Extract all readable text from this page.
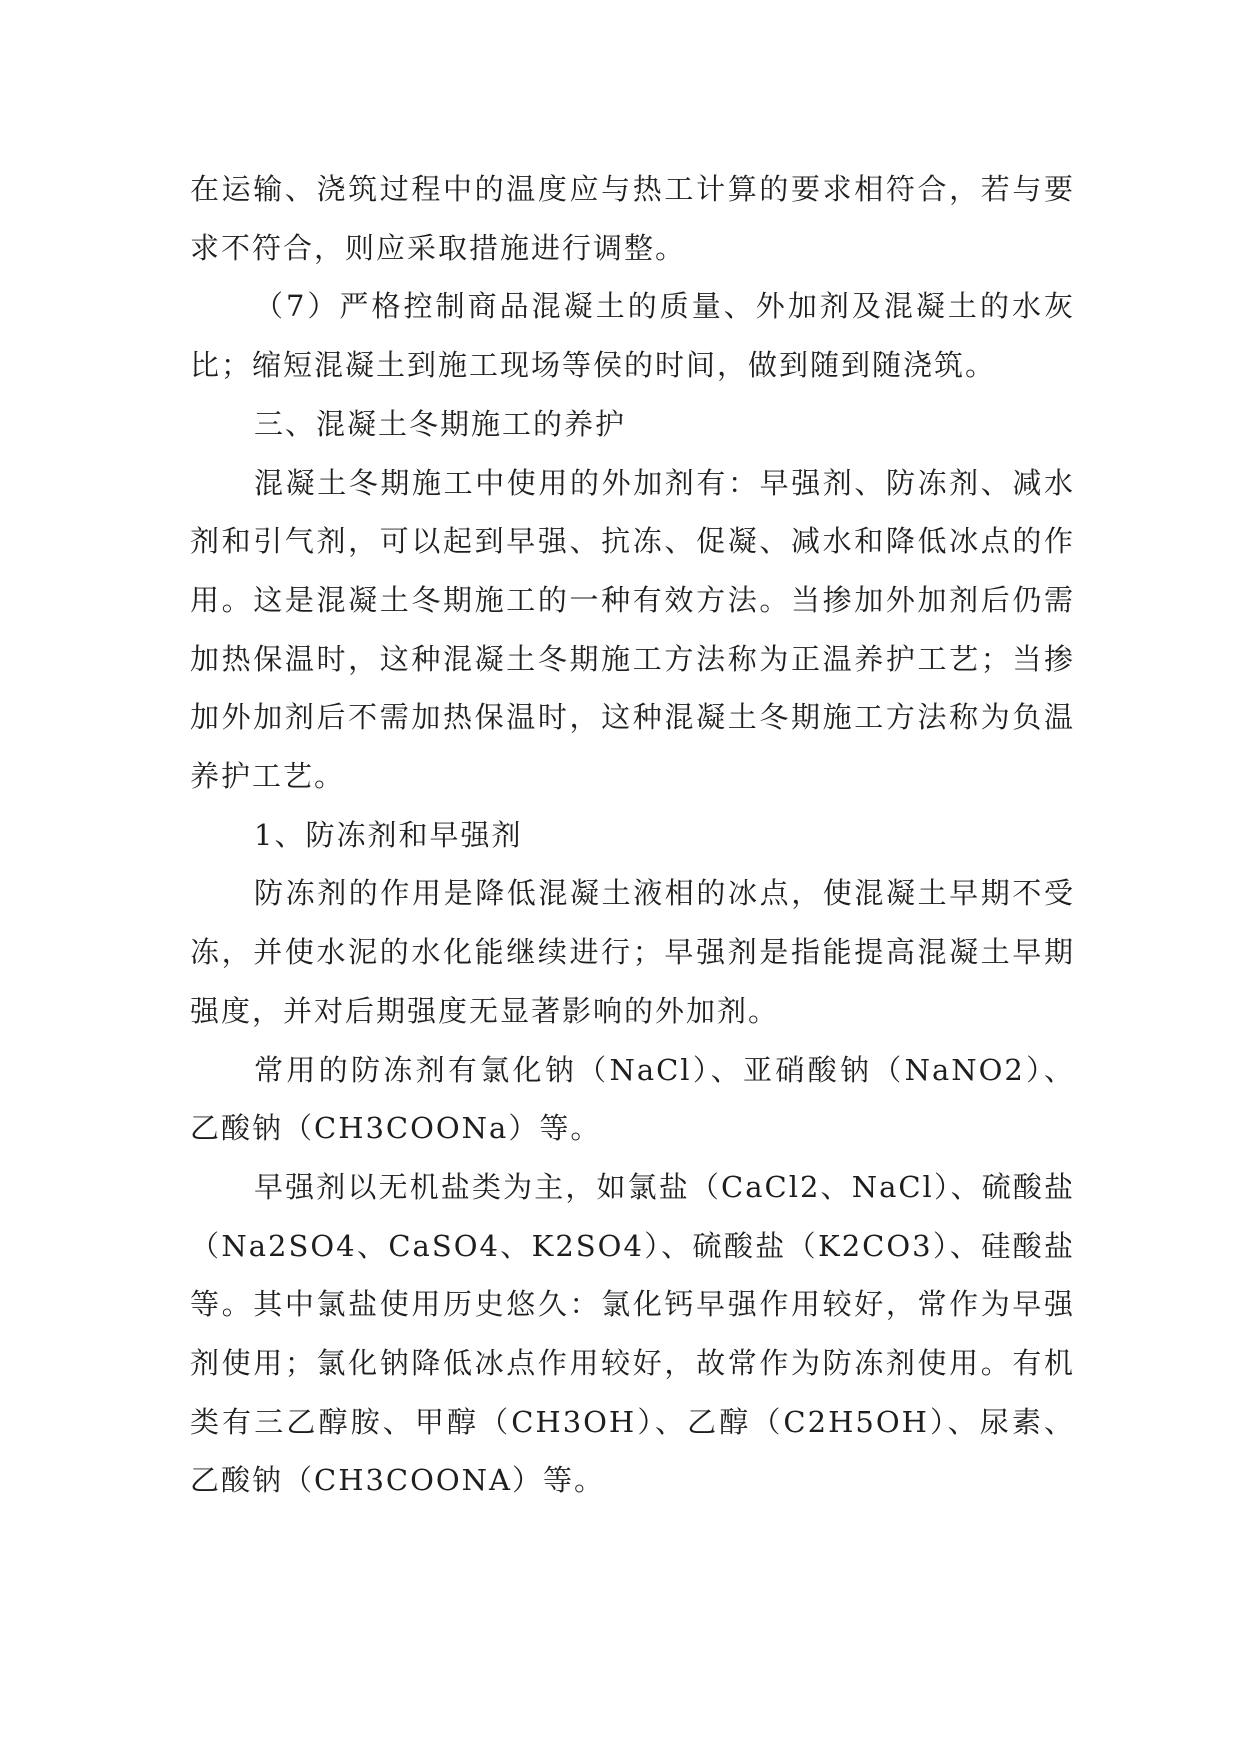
在运输、浇筑过程中的温度应与热工计算的要求相符合，若与要求不符合，则应采取措施进行调整。

（7）严格控制商品混凝土的质量、外加剂及混凝土的水灰比；缩短混凝土到施工现场等侯的时间，做到随到随浇筑。

三、混凝土冬期施工的养护

混凝土冬期施工中使用的外加剂有：早强剂、防冻剂、减水剂和引气剂，可以起到早强、抗冻、促凝、减水和降低冰点的作用。这是混凝土冬期施工的一种有效方法。当掺加外加剂后仍需加热保温时，这种混凝土冬期施工方法称为正温养护工艺；当掺加外加剂后不需加热保温时，这种混凝土冬期施工方法称为负温养护工艺。

1、防冻剂和早强剂

防冻剂的作用是降低混凝土液相的冰点，使混凝土早期不受冻，并使水泥的水化能继续进行；早强剂是指能提高混凝土早期强度，并对后期强度无显著影响的外加剂。

常用的防冻剂有氯化钠（NaCl）、亚硝酸钠（NaNO2）、乙酸钠（CH3COONa）等。

早强剂以无机盐类为主，如氯盐（CaCl2、NaCl）、硫酸盐（Na2SO4、CaSO4、K2SO4）、硫酸盐（K2CO3）、硅酸盐等。其中氯盐使用历史悠久：氯化钙早强作用较好，常作为早强剂使用；氯化钠降低冰点作用较好，故常作为防冻剂使用。有机类有三乙醇胺、甲醇（CH3OH）、乙醇（C2H5OH）、尿素、乙酸钠（CH3COONA）等。
